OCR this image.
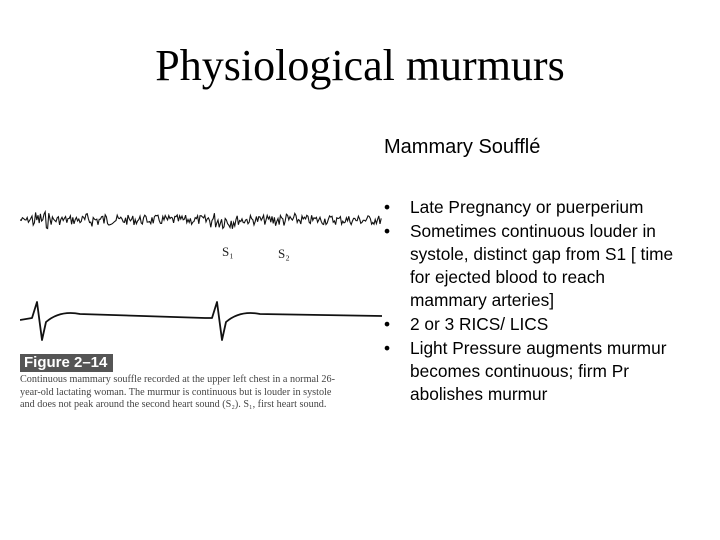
Physiological murmurs
Mammary Soufflé
•	Late Pregnancy or puerperium
•	Sometimes continuous louder in systole, distinct gap from S1 [ time for ejected blood to reach mammary arteries]
•	2 or 3 RICS/ LICS
•	Light Pressure augments murmur becomes continuous; firm Pr abolishes murmur
S₁	S₂
Figure 2–14
Continuous mammary souffle recorded at the upper left chest in a normal 26-
year-old lactating woman. The murmur is continuous but is louder in systole
and does not peak around the second heart sound (S₂). S₁, first heart sound.
